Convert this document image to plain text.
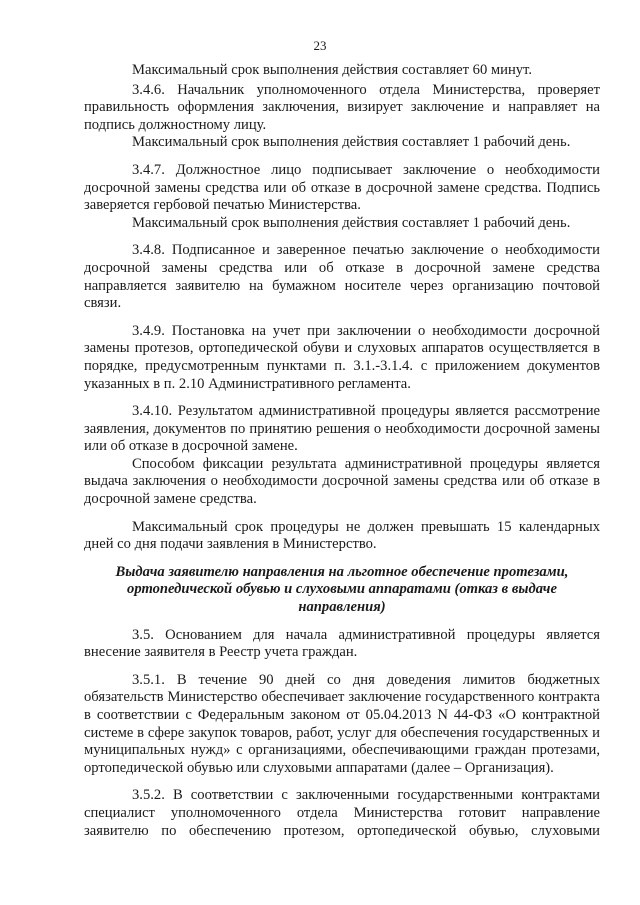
23

Максимальный срок выполнения действия составляет 60 минут.

3.4.6. Начальник уполномоченного отдела Министерства, проверяет правильность оформления заключения, визирует заключение и направляет на подпись должностному лицу.

Максимальный срок выполнения действия составляет 1 рабочий день.

3.4.7. Должностное лицо подписывает заключение о необходимости досрочной замены средства или об отказе в досрочной замене средства. Подпись заверяется гербовой печатью Министерства.

Максимальный срок выполнения действия составляет 1 рабочий день.

3.4.8. Подписанное и заверенное печатью заключение о необходимости досрочной замены средства или об отказе в досрочной замене средства направляется заявителю на бумажном носителе через организацию почтовой связи.

3.4.9. Постановка на учет при заключении о необходимости досрочной замены протезов, ортопедической обуви и слуховых аппаратов осуществляется в порядке, предусмотренным пунктами п. 3.1.-3.1.4. с приложением документов указанных в п. 2.10 Административного регламента.

3.4.10. Результатом административной процедуры является рассмотрение заявления, документов по принятию решения о необходимости досрочной замены или об отказе в досрочной замене.

Способом фиксации результата административной процедуры является выдача заключения о необходимости досрочной замены средства или об отказе в досрочной замене средства.

Максимальный срок процедуры не должен превышать 15 календарных дней со дня подачи заявления в Министерство.

Выдача заявителю направления на льготное обеспечение протезами, ортопедической обувью и слуховыми аппаратами (отказ в выдаче направления)

3.5. Основанием для начала административной процедуры является внесение заявителя в Реестр учета граждан.

3.5.1. В течение 90 дней со дня доведения лимитов бюджетных обязательств Министерство обеспечивает заключение государственного контракта в соответствии с Федеральным законом от 05.04.2013 N 44-ФЗ «О контрактной системе в сфере закупок товаров, работ, услуг для обеспечения государственных и муниципальных нужд» с организациями, обеспечивающими граждан протезами, ортопедической обувью или слуховыми аппаратами (далее – Организация).

3.5.2. В соответствии с заключенными государственными контрактами специалист уполномоченного отдела Министерства готовит направление заявителю по обеспечению протезом, ортопедической обувью, слуховыми
